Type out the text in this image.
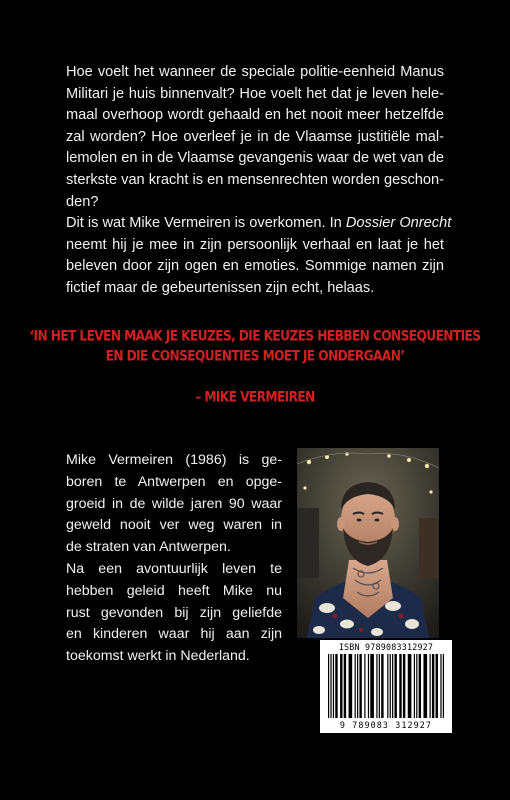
Hoe voelt het wanneer de speciale politie-eenheid Manus
Militari je huis binnenvalt? Hoe voelt het dat je leven hele-
maal overhoop wordt gehaald en het nooit meer hetzelfde
zal worden? Hoe overleef je in de Vlaamse justitiële mal-
lemolen en in de Vlaamse gevangenis waar de wet van de
sterkste van kracht is en mensenrechten worden geschon-
den?
Dit is wat Mike Vermeiren is overkomen. In Dossier Onrecht
neemt hij je mee in zijn persoonlijk verhaal en laat je het
beleven door zijn ogen en emoties. Sommige namen zijn
fictief maar de gebeurtenissen zijn echt, helaas.
‘IN HET LEVEN MAAK JE KEUZES, DIE KEUZES HEBBEN CONSEQUENTIES
EN DIE CONSEQUENTIES MOET JE ONDERGAAN’
– MIKE VERMEIREN
Mike Vermeiren (1986) is ge-
boren te Antwerpen en opge-
groeid in de wilde jaren 90 waar
geweld nooit ver weg waren in
de straten van Antwerpen.
Na een avontuurlijk leven te
hebben geleid heeft Mike nu
rust gevonden bij zijn geliefde
en kinderen waar hij aan zijn
toekomst werkt in Nederland.
ISBN 9789083312927
9 789083 312927
